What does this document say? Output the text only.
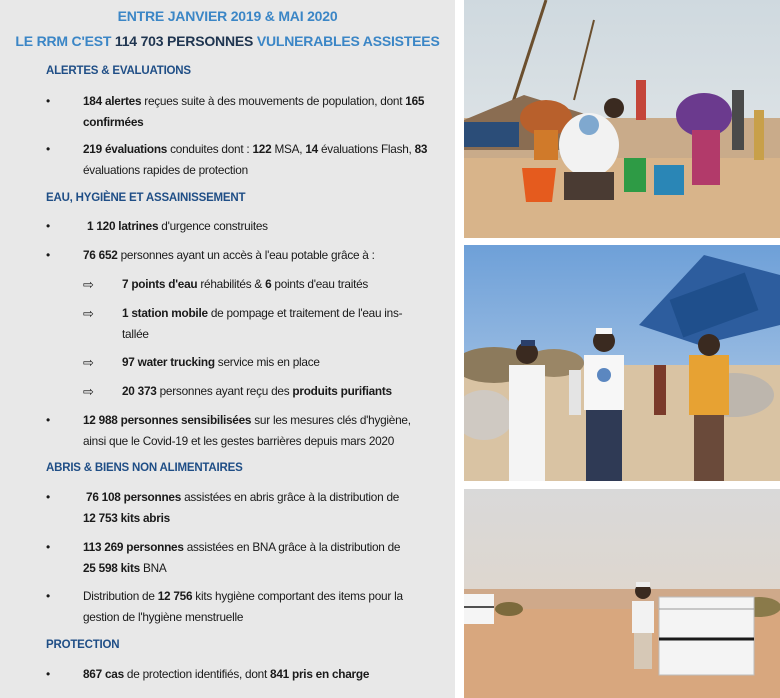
ENTRE JANVIER 2019 & MAI 2020
LE RRM C'EST 114 703 PERSONNES VULNERABLES ASSISTEES
ALERTES & EVALUATIONS
•	184 alertes reçues suite à des mouvements de population, dont 165
confirmées
•	219 évaluations conduites dont : 122 MSA, 14 évaluations Flash, 83
évaluations rapides de protection
EAU, HYGIÈNE ET ASSAINISSEMENT
•	1 120 latrines d'urgence construites
•	76 652 personnes ayant un accès à l'eau potable grâce à :
⇨ 7 points d'eau réhabilités & 6 points d'eau traités
⇨ 1 station mobile de pompage et traitement de l'eau ins-
tallée
⇨ 97 water trucking service mis en place
⇨ 20 373 personnes ayant reçu des produits purifiants
•	12 988 personnes sensibilisées sur les mesures clés d'hygiène,
ainsi que le Covid-19 et les gestes barrières depuis mars 2020
ABRIS & BIENS NON ALIMENTAIRES
•	76 108 personnes assistées en abris grâce à la distribution de
12 753 kits abris
•	113 269 personnes assistées en BNA grâce à la distribution de
25 598 kits BNA
•	Distribution de 12 756 kits hygiène comportant des items pour la
gestion de l'hygiène menstruelle
PROTECTION
•	867 cas de protection identifiés, dont 841 pris en charge
